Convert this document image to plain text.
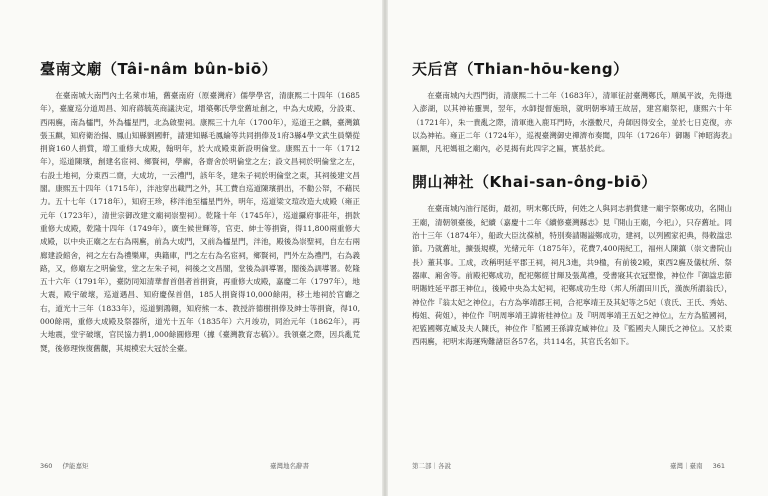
臺南文廟（Tâi-nâm bûn-biō）

在臺南城大南門內土名萊市埔，舊臺南府（原臺灣府）儒學學宮，清康熙二十四年（1685年），臺廈巡分道周昌、知府蔣毓英商議決定，增築鄭氏學堂舊址創之，中為大成殿，分設東、西兩廡，南為櫺門，外為櫺星門，北為啟聖祠。康熙三十九年（1700年），巡道王之麟，臺灣鎮張玉麒，知府衛治揚、鳳山知縣劉國軒，請建知縣毛鳳綸等共同捐俸及1府3縣4學文武生員樂從捐資160人捐貲，增工重修大成殿，翰明年，於大成殿東新設明倫堂。康熙五十一年（1712年），巡道陳璸，創建名宦祠、鄉賢祠，學廨，各齋舍於明倫堂之左；設文昌祠於明倫堂之左，右設土地祠，分東西二齋，大成坊，一云禮門，該年冬，建朱子祠於明倫堂之東，其祠後建文昌閣。康熙五十四年（1715年），泮池穿出載門之外，其工費自巡道陳璸捐出，不勸公帑，不藉民力。五十七年（1718年），知府王珍，移泮池至櫺星門外，明年，巡道梁文瑄改造大成殿（雍正元年（1723年），清世宗御改建文廟祠崇聖祠）。乾隆十年（1745年），巡道攝府事莊年，捐款重修大成殿，乾隆十四年（1749年），廣生候世輝等，官吏、紳士等捐資，得11,800兩重修大成殿，以中央正廟之左右為兩廡，前為大成門，又前為櫺星門，泮池，殿後為崇聖祠，自左右兩廊建設館舍，祠之左右為禮樂庫，典籍庫，門之左右為名宦祠，鄉賢祠，門外左為禮門，右為義路，又，修廟左之明倫堂，堂之左朱子祠，祠後之文昌閣，堂後為訓導署，閣後為訓導署。乾隆五十六年（1791年），臺防同知清華督首倡者首捐資，再重修大成殿，嘉慶二年（1797年），地大震，殿宇破壞，巡道遇昌、知府慶保首倡，185人捐資得10,000餘兩，移土地祠於官廳之右，道光十三年（1833年），巡道劉鴻翱，知府熊一本、教授許德樹捐俸及紳士等捐資，得10,000餘兩，重修大成殿及祭器所，道光十五年（1835年）六月竣功，同治元年（1862年），再大地震，堂宇破壞，官民協力捐1,000餘圓修理（據《臺灣教育志稿》）。我領臺之際，因兵亂荒燹，後修理恢復舊觀，其規模宏大冠於全臺。

天后宮（Thian-hōu-keng）

在臺南城內大西門街，清康熙二十二年（1683年），清軍征討臺灣鄭氏，順風平波，先得進入澎湖，以其神祐靈異，翌年，水師提督施琅，就明朝寧靖王故居，建宮廟祭祀，康熙六十年（1721年），朱一貴亂之際，清軍進入鹿耳門時，水漲數尺，舟師因得安全，並於七日克復，亦以為神祐。雍正二年（1724年），巡視臺灣御史禪濟布奏聞，四年（1726年）御賜『神昭海表』匾額，凡祀媽祖之廟內，必見揭有此四字之匾，實基於此。

開山神社（Khai-san-ông-biō）

在臺南城內油行尾街，最初，明末鄭氏時，何姓之人與同志捐貲建一廟宇祭鄭成功，名開山王廟，清朝領臺後，紀續（嘉慶十二年《續修臺灣縣志》見『開山王廟，今祀』），只存舊址。同治十三年（1874年），船政大臣沈葆楨，特別奏請賜謚鄭成功，建祠，以列國家祀典，得敕諡忠節。乃就舊址，擴張規模，光緒元年（1875年），花費7,400兩紀工，福州人陳鎮（崇文書院山長）董其事。工成，改稱明延平郡王祠，祠凡3進，共9楹，有前後2殿，東西2廡及儀杖所、祭器庫、廂舍等。前殿祀鄭成功，配祀鄭經甘輝及張萬禮，受書寢其衣冠塑像，神位作『御諡忠節明賜姓延平郡王神位』，後殿中央為太妃祠，祀鄭成功生母（邦人所謂田川氏，漢族所謂翁氏），神位作『翁太妃之神位』，右方為寧靖郡王祠，合祀寧靖王及其妃等之5妃（袁氏、王氏、秀姑、梅姐、荷姐），神位作『明周寧靖王諱術桂神位』及『明周寧靖王五妃之神位』，左方為監國祠，祀監國鄭克臧及夫人陳氏，神位作『監國王孫諱克臧神位』及『監國夫人陳氏之神位』。又於東西兩廡，祀明末海運殉難諸臣各57名，共114名，其官氏名如下。

360 伊能嘉矩	臺灣地名辭書	第二部｜各說	臺灣｜臺南 361
